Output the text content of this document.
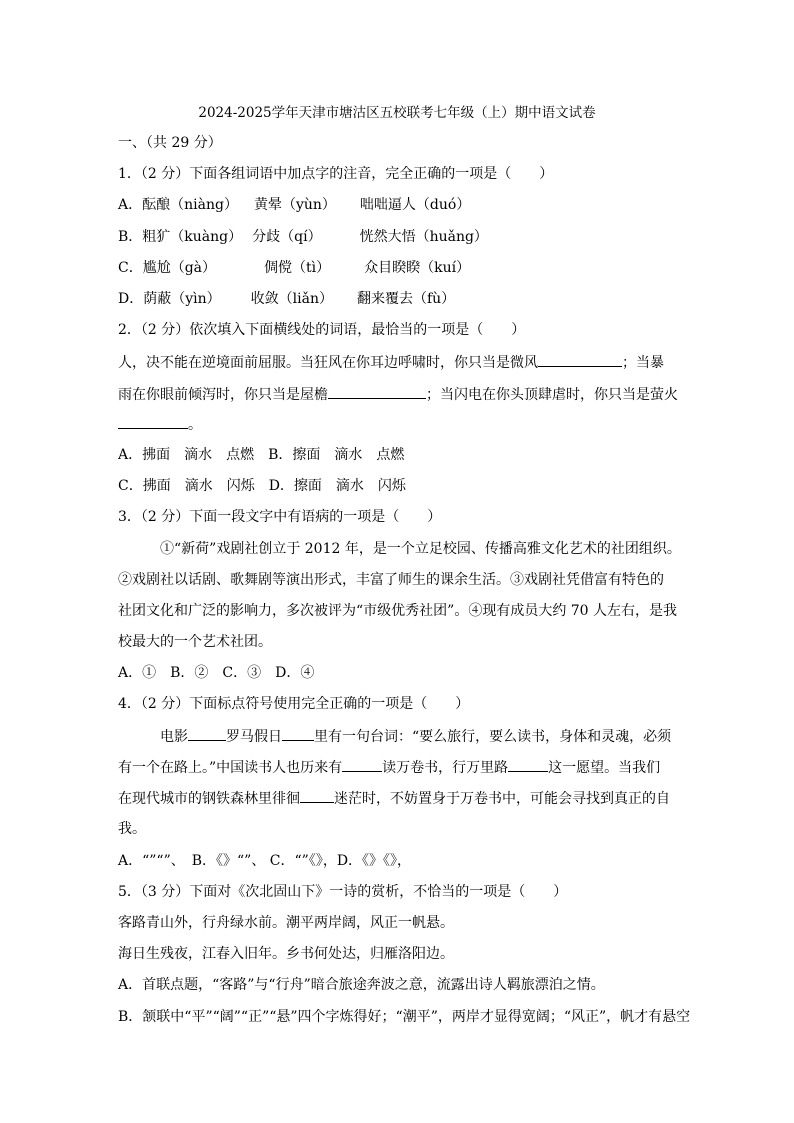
2024-2025学年天津市塘沽区五校联考七年级（上）期中语文试卷
一、（共 29 分）
1．（2 分）下面各组词语中加点字的注音，完全正确的一项是（　　）
A．酝酿（niàng） 黄晕（yùn） 咄咄逼人（duó）
B．粗犷（kuàng） 分歧（qí）	恍然大悟（huǎng）
C．尴尬（gà）	倜傥（tì） 众目睽睽（kuí）
D．荫蔽（yìn） 收敛（liǎn） 翻来覆去（fù）
2．（2 分）依次填入下面横线处的词语，最恰当的一项是（　　）
人，决不能在逆境面前屈服。当狂风在你耳边呼啸时，你只当是微风	；当暴
雨在你眼前倾泻时，你只当是屋檐	；当闪电在你头顶肆虐时，你只当是萤火
。
A．拂面　滴水　点燃　B．擦面　滴水　点燃
C．拂面　滴水　闪烁　D．擦面　滴水　闪烁
3．（2 分）下面一段文字中有语病的一项是（　　）
①“新荷”戏剧社创立于 2012 年，是一个立足校园、传播高雅文化艺术的社团组织。
②戏剧社以话剧、歌舞剧等演出形式，丰富了师生的课余生活。③戏剧社凭借富有特色的
社团文化和广泛的影响力，多次被评为“市级优秀社团”。④现有成员大约 70 人左右，是我
校最大的一个艺术社团。
A．①　B．②　C．③　D．④
4．（2 分）下面标点符号使用完全正确的一项是（　　）
电影	罗马假日 里有一句台词：“要么旅行，要么读书，身体和灵魂，必须
有一个在路上。”中国读书人也历来有	读万卷书，行万里路	这一愿望。当我们
在现代城市的钢铁森林里徘徊 迷茫时，不妨置身于万卷书中，可能会寻找到真正的自
我。
A．“”“”、　B．《》“”、 C．“”《》，D．《》《》，
5．（3 分）下面对《次北固山下》一诗的赏析，不恰当的一项是（　　）
客路青山外，行舟绿水前。潮平两岸阔，风正一帆悬。
海日生残夜，江春入旧年。乡书何处达，归雁洛阳边。
A．首联点题，“客路”与“行舟”暗合旅途奔波之意，流露出诗人羁旅漂泊之情。
B．颔联中“平”“阔”“正”“悬”四个字炼得好；“潮平”，两岸才显得宽阔；“风正”，帆才有悬空
